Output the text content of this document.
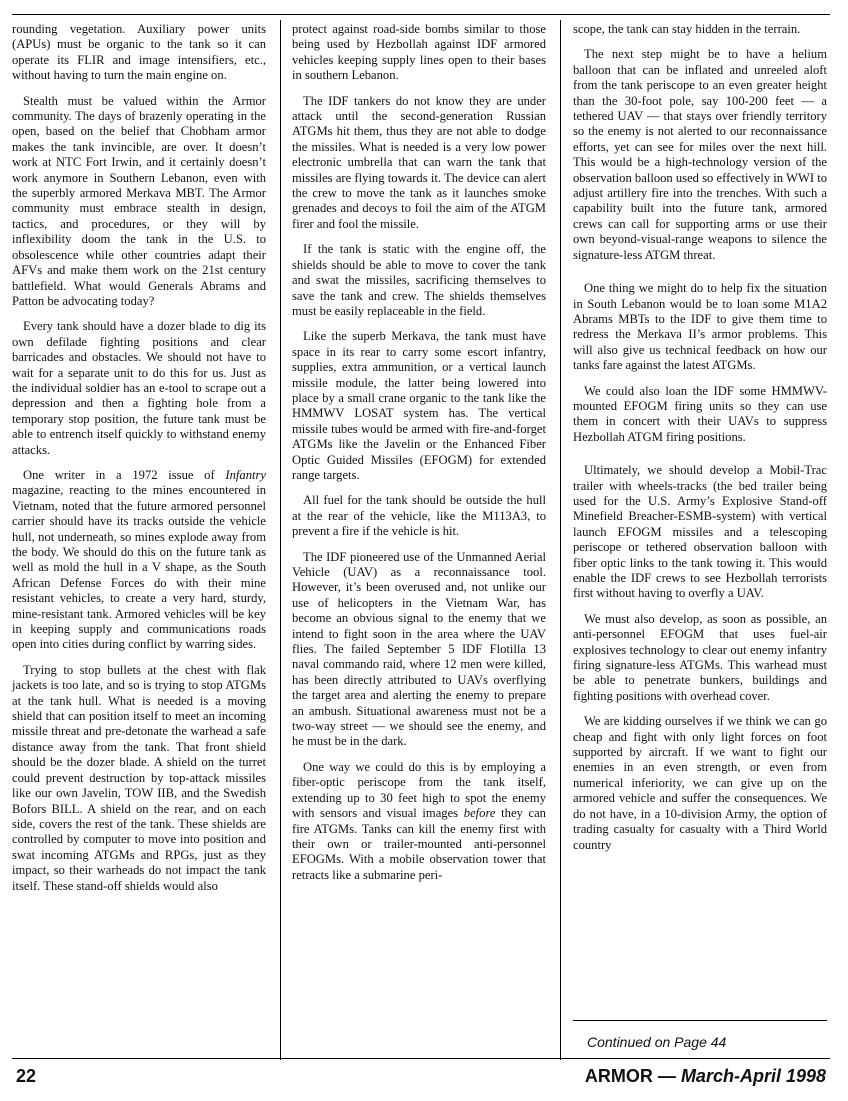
rounding vegetation. Auxiliary power units (APUs) must be organic to the tank so it can operate its FLIR and image intensifiers, etc., without having to turn the main engine on.

Stealth must be valued within the Armor community. The days of brazenly operating in the open, based on the belief that Chobham armor makes the tank invincible, are over. It doesn’t work at NTC Fort Irwin, and it certainly doesn’t work anymore in Southern Lebanon, even with the superbly armored Merkava MBT. The Armor community must embrace stealth in design, tactics, and procedures, or they will by inflexibility doom the tank in the U.S. to obsolescence while other countries adapt their AFVs and make them work on the 21st century battlefield. What would Generals Abrams and Patton be advocating today?

Every tank should have a dozer blade to dig its own defilade fighting positions and clear barricades and obstacles. We should not have to wait for a separate unit to do this for us. Just as the individual soldier has an e-tool to scrape out a depression and then a fighting hole from a temporary stop position, the future tank must be able to entrench itself quickly to withstand enemy attacks.

One writer in a 1972 issue of Infantry magazine, reacting to the mines encountered in Vietnam, noted that the future armored personnel carrier should have its tracks outside the vehicle hull, not underneath, so mines explode away from the body. We should do this on the future tank as well as mold the hull in a V shape, as the South African Defense Forces do with their mine resistant vehicles, to create a very hard, sturdy, mine-resistant tank. Armored vehicles will be key in keeping supply and communications roads open into cities during conflict by warring sides.

Trying to stop bullets at the chest with flak jackets is too late, and so is trying to stop ATGMs at the tank hull. What is needed is a moving shield that can position itself to meet an incoming missile threat and pre-detonate the warhead a safe distance away from the tank. That front shield should be the dozer blade. A shield on the turret could prevent destruction by top-attack missiles like our own Javelin, TOW IIB, and the Swedish Bofors BILL. A shield on the rear, and on each side, covers the rest of the tank. These shields are controlled by computer to move into position and swat incoming ATGMs and RPGs, just as they impact, so their warheads do not impact the tank itself. These stand-off shields would also

protect against road-side bombs similar to those being used by Hezbollah against IDF armored vehicles keeping supply lines open to their bases in southern Lebanon.

The IDF tankers do not know they are under attack until the second-generation Russian ATGMs hit them, thus they are not able to dodge the missiles. What is needed is a very low power electronic umbrella that can warn the tank that missiles are flying towards it. The device can alert the crew to move the tank as it launches smoke grenades and decoys to foil the aim of the ATGM firer and fool the missile.

If the tank is static with the engine off, the shields should be able to move to cover the tank and swat the missiles, sacrificing themselves to save the tank and crew. The shields themselves must be easily replaceable in the field.

Like the superb Merkava, the tank must have space in its rear to carry some escort infantry, supplies, extra ammunition, or a vertical launch missile module, the latter being lowered into place by a small crane organic to the tank like the HMMWV LOSAT system has. The vertical missile tubes would be armed with fire-and-forget ATGMs like the Javelin or the Enhanced Fiber Optic Guided Missiles (EFOGM) for extended range targets.

All fuel for the tank should be outside the hull at the rear of the vehicle, like the M113A3, to prevent a fire if the vehicle is hit.

The IDF pioneered use of the Unmanned Aerial Vehicle (UAV) as a reconnaissance tool. However, it’s been overused and, not unlike our use of helicopters in the Vietnam War, has become an obvious signal to the enemy that we intend to fight soon in the area where the UAV flies. The failed September 5 IDF Flotilla 13 naval commando raid, where 12 men were killed, has been directly attributed to UAVs overflying the target area and alerting the enemy to prepare an ambush. Situational awareness must not be a two-way street — we should see the enemy, and he must be in the dark.

One way we could do this is by employing a fiber-optic periscope from the tank itself, extending up to 30 feet high to spot the enemy with sensors and visual images before they can fire ATGMs. Tanks can kill the enemy first with their own or trailer-mounted anti-personnel EFOGMs. With a mobile observation tower that retracts like a submarine peri-

scope, the tank can stay hidden in the terrain.

The next step might be to have a helium balloon that can be inflated and unreeled aloft from the tank periscope to an even greater height than the 30-foot pole, say 100-200 feet — a tethered UAV — that stays over friendly territory so the enemy is not alerted to our reconnaissance efforts, yet can see for miles over the next hill. This would be a high-technology version of the observation balloon used so effectively in WWI to adjust artillery fire into the trenches. With such a capability built into the future tank, armored crews can call for supporting arms or use their own beyond-visual-range weapons to silence the signature-less ATGM threat.

One thing we might do to help fix the situation in South Lebanon would be to loan some M1A2 Abrams MBTs to the IDF to give them time to redress the Merkava II’s armor problems. This will also give us technical feedback on how our tanks fare against the latest ATGMs.

We could also loan the IDF some HMMWV-mounted EFOGM firing units so they can use them in concert with their UAVs to suppress Hezbollah ATGM firing positions.

Ultimately, we should develop a Mobil-Trac trailer with wheels-tracks (the bed trailer being used for the U.S. Army’s Explosive Stand-off Minefield Breacher-ESMB-system) with vertical launch EFOGM missiles and a telescoping periscope or tethered observation balloon with fiber optic links to the tank towing it. This would enable the IDF crews to see Hezbollah terrorists first without having to overfly a UAV.

We must also develop, as soon as possible, an anti-personnel EFOGM that uses fuel-air explosives technology to clear out enemy infantry firing signature-less ATGMs. This warhead must be able to penetrate bunkers, buildings and fighting positions with overhead cover.

We are kidding ourselves if we think we can go cheap and fight with only light forces on foot supported by aircraft. If we want to fight our enemies in an even strength, or even from numerical inferiority, we can give up on the armored vehicle and suffer the consequences. We do not have, in a 10-division Army, the option of trading casualty for casualty with a Third World country

Continued on Page 44
22	ARMOR — March-April 1998
